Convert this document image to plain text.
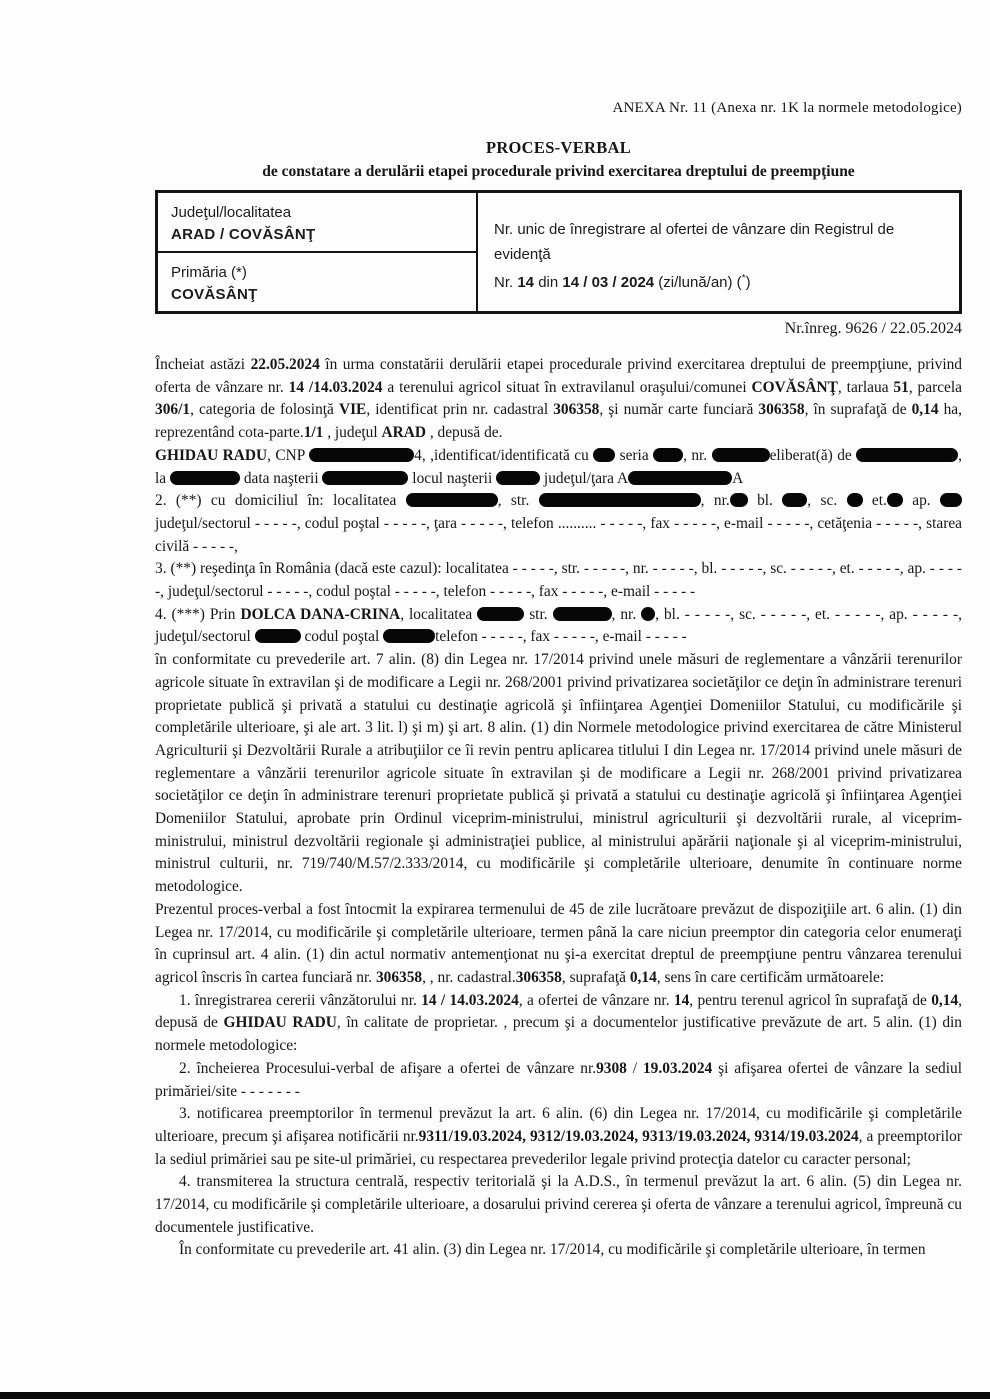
ANEXA Nr. 11 (Anexa nr. 1K la normele metodologice)
PROCES-VERBAL
de constatare a derulării etapei procedurale privind exercitarea dreptului de preempţiune
Judeţul/localitatea
ARAD / COVĂSÂNŢ
Primăria (*)
COVĂSÂNŢ
Nr. unic de înregistrare al ofertei de vânzare din Registrul de evidenţă
Nr. 14 din 14 / 03 / 2024 (zi/lună/an) (*)
Nr.înreg. 9626 / 22.05.2024

Încheiat astăzi 22.05.2024 în urma constatării derulării etapei procedurale privind exercitarea dreptului de preempţiune, privind oferta de vânzare nr. 14 /14.03.2024 a terenului agricol situat în extravilanul oraşului/comunei COVĂSÂNŢ, tarlaua 51, parcela 306/1, categoria de folosinţă VIE, identificat prin nr. cadastral 306358, şi număr carte funciară 306358, în suprafaţă de 0,14 ha, reprezentând cota-parte.1/1 , judeţul ARAD , depusă de.

GHIDAU RADU, CNP	4, ,identificat/identificată cu  seria , nr.	eliberat(ă) de	, la	data naşterii	locul naşterii	judeţul/ţara A	A

2. (**) cu domiciliul în: localitatea	, str.	, nr. bl. , sc.  et. ap.  judeţul/sectorul - - - - -, codul poştal - - - - -, ţara - - - - -, telefon .......... - - - - -, fax - - - - -, e-mail - - - - -, cetăţenia - - - - -, starea civilă - - - - -,

3. (**) reşedinţa în România (dacă este cazul): localitatea - - - - -, str. - - - - -, nr. - - - - -, bl. - - - - -, sc. - - - - -, et. - - - - -, ap. - - - - -, judeţul/sectorul - - - - -, codul poştal - - - - -, telefon - - - - -, fax - - - - -, e-mail - - - - -

4. (***) Prin DOLCA DANA-CRINA, localitatea	str.	, nr. , bl. - - - - -, sc. - - - - -, et. - - - - -, ap. - - - - -, judeţul/sectorul	codul poştal	telefon - - - - -, fax - - - - -, e-mail - - - - -

în conformitate cu prevederile art. 7 alin. (8) din Legea nr. 17/2014 privind unele măsuri de reglementare a vânzării terenurilor agricole situate în extravilan şi de modificare a Legii nr. 268/2001 privind privatizarea societăţilor ce deţin în administrare terenuri proprietate publică şi privată a statului cu destinaţie agricolă şi înfiinţarea Agenţiei Domeniilor Statului, cu modificările şi completările ulterioare, şi ale art. 3 lit. l) şi m) şi art. 8 alin. (1) din Normele metodologice privind exercitarea de către Ministerul Agriculturii şi Dezvoltării Rurale a atribuţiilor ce îi revin pentru aplicarea titlului I din Legea nr. 17/2014 privind unele măsuri de reglementare a vânzării terenurilor agricole situate în extravilan şi de modificare a Legii nr. 268/2001 privind privatizarea societăţilor ce deţin în administrare terenuri proprietate publică şi privată a statului cu destinaţie agricolă şi înfiinţarea Agenţiei Domeniilor Statului, aprobate prin Ordinul viceprim-ministrului, ministrul agriculturii şi dezvoltării rurale, al viceprim-ministrului, ministrul dezvoltării regionale şi administraţiei publice, al ministrului apărării naţionale şi al viceprim-ministrului, ministrul culturii, nr. 719/740/M.57/2.333/2014, cu modificările şi completările ulterioare, denumite în continuare norme metodologice.

Prezentul proces-verbal a fost întocmit la expirarea termenului de 45 de zile lucrătoare prevăzut de dispoziţiile art. 6 alin. (1) din Legea nr. 17/2014, cu modificările şi completările ulterioare, termen până la care niciun preemptor din categoria celor enumeraţi în cuprinsul art. 4 alin. (1) din actul normativ antemenţionat nu şi-a exercitat dreptul de preempţiune pentru vânzarea terenului agricol înscris în cartea funciară nr. 306358, , nr. cadastral.306358, suprafaţă 0,14, sens în care certificăm următoarele:

1. înregistrarea cererii vânzătorului nr. 14 / 14.03.2024, a ofertei de vânzare nr. 14, pentru terenul agricol în suprafaţă de 0,14, depusă de GHIDAU RADU, în calitate de proprietar. , precum şi a documentelor justificative prevăzute de art. 5 alin. (1) din normele metodologice:

2. încheierea Procesului-verbal de afişare a ofertei de vânzare nr.9308 / 19.03.2024 şi afişarea ofertei de vânzare la sediul primăriei/site - - - - - - -

3. notificarea preemptorilor în termenul prevăzut la art. 6 alin. (6) din Legea nr. 17/2014, cu modificările şi completările ulterioare, precum şi afişarea notificării nr.9311/19.03.2024, 9312/19.03.2024, 9313/19.03.2024, 9314/19.03.2024, a preemptorilor la sediul primăriei sau pe site-ul primăriei, cu respectarea prevederilor legale privind protecţia datelor cu caracter personal;

4. transmiterea la structura centrală, respectiv teritorială şi la A.D.S., în termenul prevăzut la art. 6 alin. (5) din Legea nr. 17/2014, cu modificările şi completările ulterioare, a dosarului privind cererea şi oferta de vânzare a terenului agricol, împreună cu documentele justificative.

În conformitate cu prevederile art. 41 alin. (3) din Legea nr. 17/2014, cu modificările şi completările ulterioare, în termen
